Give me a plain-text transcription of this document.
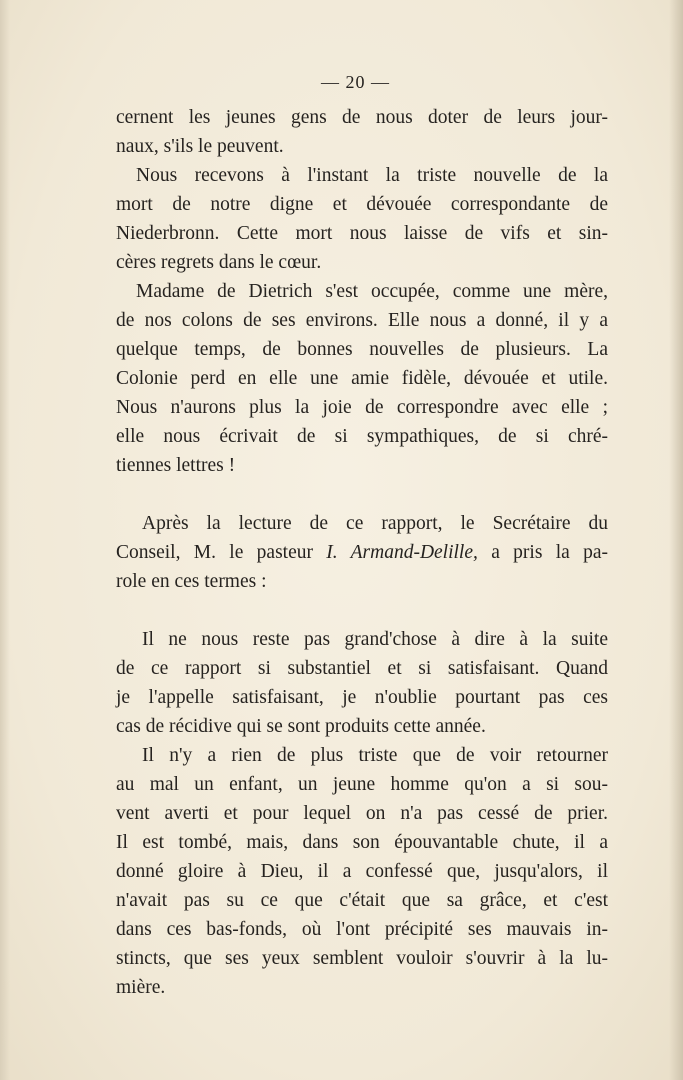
— 20 —
cernent les jeunes gens de nous doter de leurs jour-
naux, s'ils le peuvent.
Nous recevons à l'instant la triste nouvelle de la
mort de notre digne et dévouée correspondante de
Niederbronn. Cette mort nous laisse de vifs et sin-
cères regrets dans le cœur.
Madame de Dietrich s'est occupée, comme une mère,
de nos colons de ses environs. Elle nous a donné, il y a
quelque temps, de bonnes nouvelles de plusieurs. La
Colonie perd en elle une amie fidèle, dévouée et utile.
Nous n'aurons plus la joie de correspondre avec elle ;
elle nous écrivait de si sympathiques, de si chré-
tiennes lettres !
Après la lecture de ce rapport, le Secrétaire du
Conseil, M. le pasteur I. Armand-Delille, a pris la pa-
role en ces termes :
Il ne nous reste pas grand'chose à dire à la suite
de ce rapport si substantiel et si satisfaisant. Quand
je l'appelle satisfaisant, je n'oublie pourtant pas ces
cas de récidive qui se sont produits cette année.
Il n'y a rien de plus triste que de voir retourner
au mal un enfant, un jeune homme qu'on a si sou-
vent averti et pour lequel on n'a pas cessé de prier.
Il est tombé, mais, dans son épouvantable chute, il a
donné gloire à Dieu, il a confessé que, jusqu'alors, il
n'avait pas su ce que c'était que sa grâce, et c'est
dans ces bas-fonds, où l'ont précipité ses mauvais in-
stincts, que ses yeux semblent vouloir s'ouvrir à la lu-
mière.
